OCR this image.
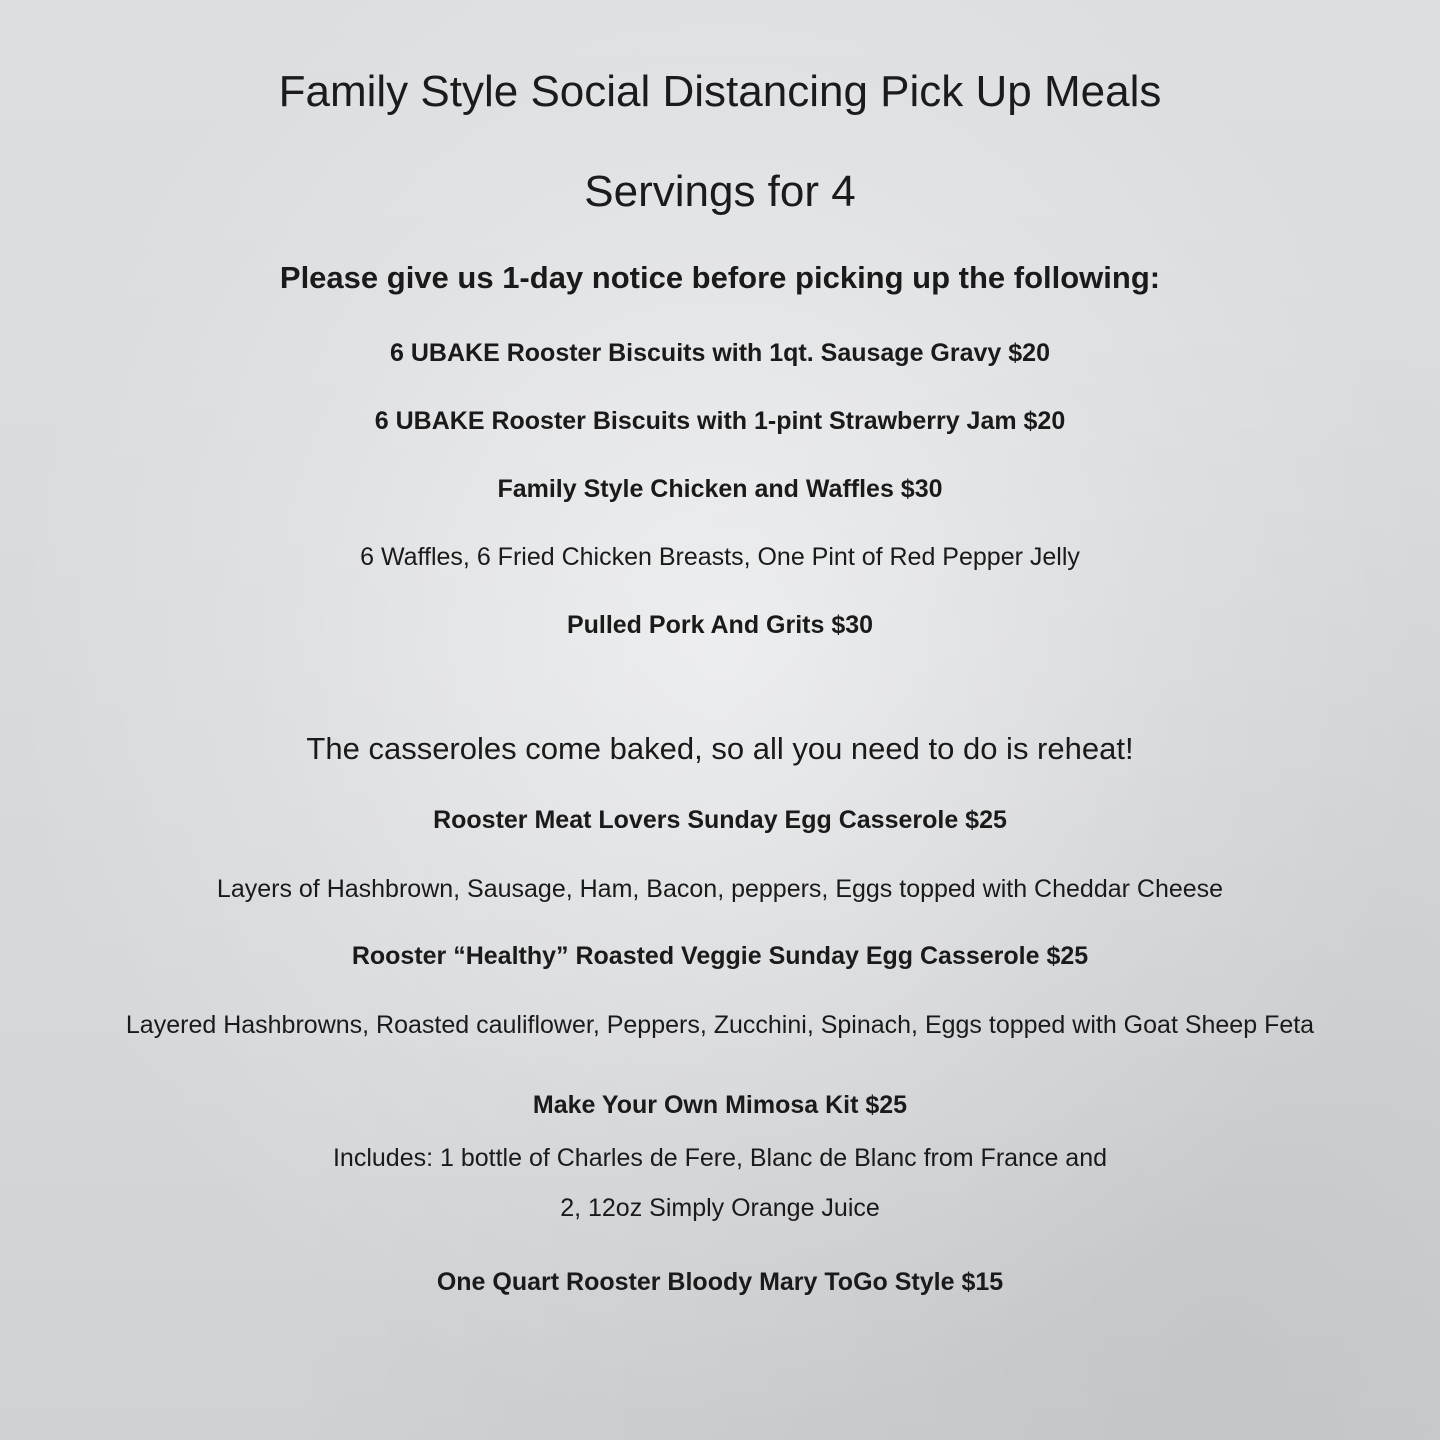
Family Style Social Distancing Pick Up Meals
Servings for 4
Please give us 1-day notice before picking up the following:
6 UBAKE Rooster Biscuits with 1qt. Sausage Gravy $20
6 UBAKE Rooster Biscuits with 1-pint Strawberry Jam $20
Family Style Chicken and Waffles $30
6 Waffles, 6 Fried Chicken Breasts, One Pint of Red Pepper Jelly
Pulled Pork And Grits $30
The casseroles come baked, so all you need to do is reheat!
Rooster Meat Lovers Sunday Egg Casserole $25
Layers of Hashbrown, Sausage, Ham, Bacon, peppers, Eggs topped with Cheddar Cheese
Rooster “Healthy” Roasted Veggie Sunday Egg Casserole $25
Layered Hashbrowns, Roasted cauliflower, Peppers, Zucchini, Spinach, Eggs topped with Goat Sheep Feta
Make Your Own Mimosa Kit $25
Includes: 1 bottle of Charles de Fere, Blanc de Blanc from France and
2, 12oz Simply Orange Juice
One Quart Rooster Bloody Mary ToGo Style $15
